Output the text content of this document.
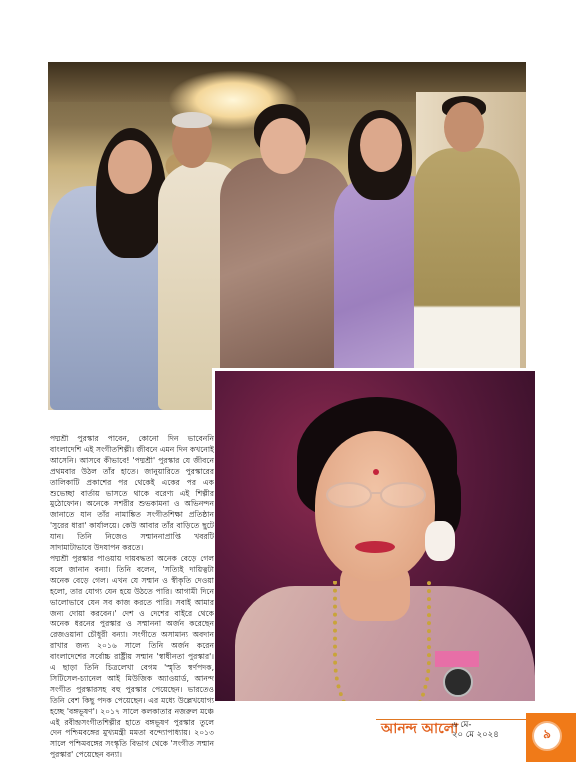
পদ্মশ্রী পুরস্কার পাবেন, কোনো দিন ভাবেননি বাংলাদেশি এই সংগীতশিল্পী। জীবনে এমন দিন কখনোই আসেনি। আসবে কীভাবে! 'পদ্মশ্রী' পুরস্কার যে জীবনে প্রথমবার উঠল তাঁর হাতে। জানুয়ারিতে পুরস্কারের তালিকাটি প্রকাশের পর থেকেই একের পর এক শুভেচ্ছা বার্তায় ভাসতে থাকে বরেণ্য এই শিল্পীর মুঠোফোন। অনেকে সশরীর শুভকামনা ও অভিনন্দন জানাতে যান তাঁর নামাঙ্কিত সংগীতশিক্ষা প্রতিষ্ঠান 'সুরের ধারা' কার্যালয়ে। কেউ আবার তাঁর বাড়িতে ছুটে যান। তিনি নিজেও সম্মাননাপ্রাপ্তি খবরটি সাদামাটাভাবে উদযাপন করতে।

পদ্মশ্রী পুরস্কার পাওয়ায় দায়বদ্ধতা অনেক বেড়ে গেল বলে জানান বন্যা। তিনি বলেন, 'সত্যিই দায়িত্বটা অনেক বেড়ে গেল। এখন যে সম্মান ও স্বীকৃতি দেওয়া হলো, তার যোগ্য যেন হয়ে উঠতে পারি। আগামী দিনে ভালোভাবে যেন সব কাজ করতে পারি। সবাই আমার জন্য দোয়া করবেন।' দেশ ও দেশের বাইরে থেকে অনেক ধরনের পুরস্কার ও সম্মাননা অর্জন করেছেন রেজওয়ানা চৌধুরী বন্যা। সংগীতে অসামান্য অবদান রাখার জন্য ২০১৬ সালে তিনি অর্জন করেন বাংলাদেশের সর্বোচ্চ রাষ্ট্রীয় সম্মান 'স্বাধীনতা পুরস্কার'। এ ছাড়া তিনি চিত্রলেখা বেগম 'স্মৃতি স্বর্ণপদক, সিটিসেল-চ্যানেল আই মিউজিক অ্যাওয়ার্ড, আনন্দ সংগীত পুরস্কারসহ বহু পুরস্কার পেয়েছেন। ভারতেও তিনি বেশ কিছু পদক পেয়েছেন। এর মধ্যে উল্লেখযোগ্য হচ্ছে 'বঙ্গভূষণ'। ২০১৭ সালে কলকাতার নজরুল মঞ্চে এই রবীন্দ্রসংগীতশিল্পীর হাতে বঙ্গভূষণ পুরস্কার তুলে দেন পশ্চিমবঙ্গের মুখ্যমন্ত্রী মমতা বন্দ্যোপাধ্যায়। ২০১৩ সালে পশ্চিমবঙ্গের সংস্কৃতি বিভাগ থেকে 'সংগীত সম্মান পুরস্কার' পেয়েছেন বন্যা।

আনন্দ আলো
৬ মে-
২০ মে ২০২৪	৯
